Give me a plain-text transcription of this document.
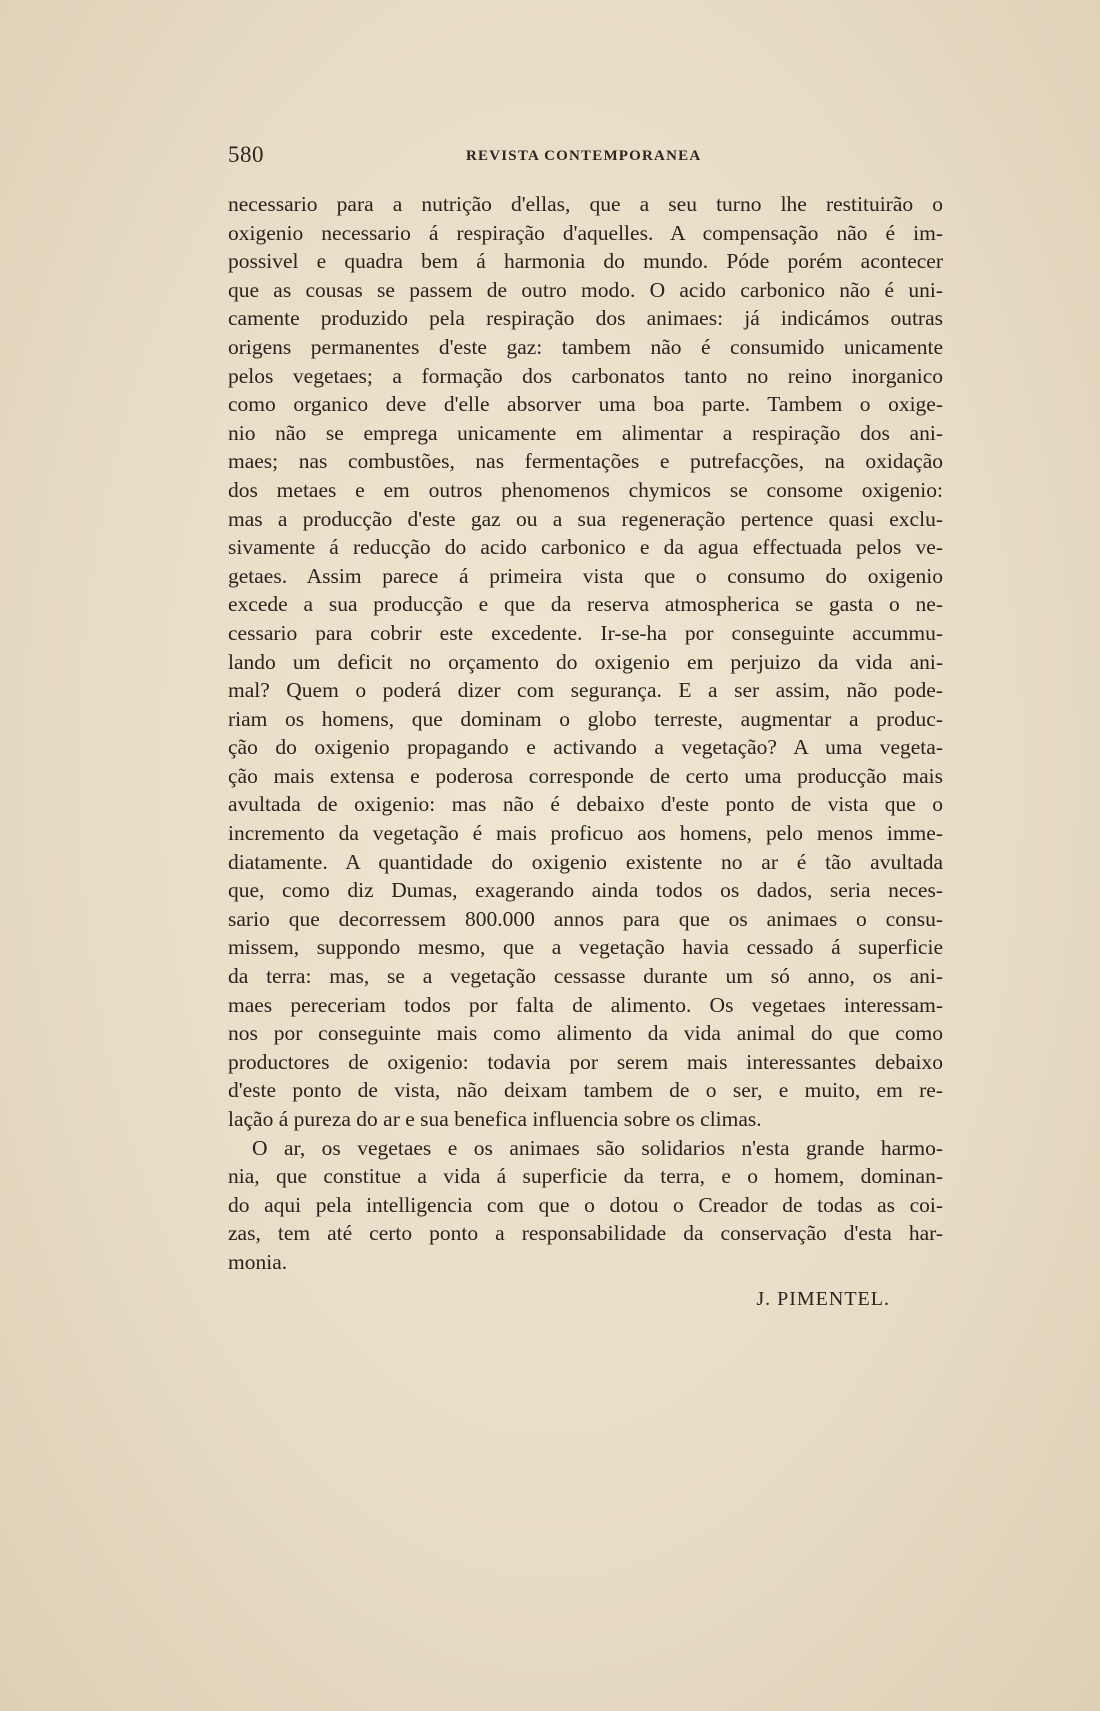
580	REVISTA CONTEMPORANEA
necessario para a nutrição d'ellas, que a seu turno lhe restituirão o
oxigenio necessario á respiração d'aquelles. A compensação não é im-
possivel e quadra bem á harmonia do mundo. Póde porém acontecer
que as cousas se passem de outro modo. O acido carbonico não é uni-
camente produzido pela respiração dos animaes: já indicámos outras
origens permanentes d'este gaz: tambem não é consumido unicamente
pelos vegetaes; a formação dos carbonatos tanto no reino inorganico
como organico deve d'elle absorver uma boa parte. Tambem o oxige-
nio não se emprega unicamente em alimentar a respiração dos ani-
maes; nas combustões, nas fermentações e putrefacções, na oxidação
dos metaes e em outros phenomenos chymicos se consome oxigenio:
mas a producção d'este gaz ou a sua regeneração pertence quasi exclu-
sivamente á reducção do acido carbonico e da agua effectuada pelos ve-
getaes. Assim parece á primeira vista que o consumo do oxigenio
excede a sua producção e que da reserva atmospherica se gasta o ne-
cessario para cobrir este excedente. Ir-se-ha por conseguinte accummu-
lando um deficit no orçamento do oxigenio em perjuizo da vida ani-
mal? Quem o poderá dizer com segurança. E a ser assim, não pode-
riam os homens, que dominam o globo terreste, augmentar a produc-
ção do oxigenio propagando e activando a vegetação? A uma vegeta-
ção mais extensa e poderosa corresponde de certo uma producção mais
avultada de oxigenio: mas não é debaixo d'este ponto de vista que o
incremento da vegetação é mais proficuo aos homens, pelo menos imme-
diatamente. A quantidade do oxigenio existente no ar é tão avultada
que, como diz Dumas, exagerando ainda todos os dados, seria neces-
sario que decorressem 800.000 annos para que os animaes o consu-
missem, suppondo mesmo, que a vegetação havia cessado á superficie
da terra: mas, se a vegetação cessasse durante um só anno, os ani-
maes pereceriam todos por falta de alimento. Os vegetaes interessam-
nos por conseguinte mais como alimento da vida animal do que como
productores de oxigenio: todavia por serem mais interessantes debaixo
d'este ponto de vista, não deixam tambem de o ser, e muito, em re-
lação á pureza do ar e sua benefica influencia sobre os climas.
O ar, os vegetaes e os animaes são solidarios n'esta grande harmo-
nia, que constitue a vida á superficie da terra, e o homem, dominan-
do aqui pela intelligencia com que o dotou o Creador de todas as coi-
zas, tem até certo ponto a responsabilidade da conservação d'esta har-
monia.
J. PIMENTEL.
